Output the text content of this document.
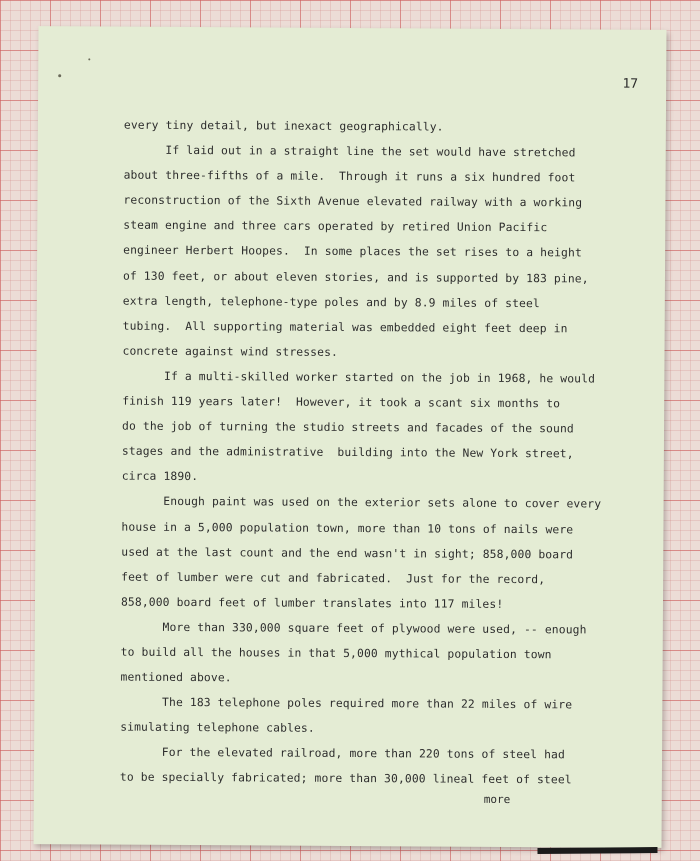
17
every tiny detail, but inexact geographically.
If laid out in a straight line the set would have stretched
about three-fifths of a mile.  Through it runs a six hundred foot
reconstruction of the Sixth Avenue elevated railway with a working
steam engine and three cars operated by retired Union Pacific
engineer Herbert Hoopes.  In some places the set rises to a height
of 130 feet, or about eleven stories, and is supported by 183 pine,
extra length, telephone-type poles and by 8.9 miles of steel
tubing.  All supporting material was embedded eight feet deep in
concrete against wind stresses.
If a multi-skilled worker started on the job in 1968, he would
finish 119 years later!  However, it took a scant six months to
do the job of turning the studio streets and facades of the sound
stages and the administrative  building into the New York street,
circa 1890.
Enough paint was used on the exterior sets alone to cover every
house in a 5,000 population town, more than 10 tons of nails were
used at the last count and the end wasn't in sight; 858,000 board
feet of lumber were cut and fabricated.  Just for the record,
858,000 board feet of lumber translates into 117 miles!
More than 330,000 square feet of plywood were used, -- enough
to build all the houses in that 5,000 mythical population town
mentioned above.
The 183 telephone poles required more than 22 miles of wire
simulating telephone cables.
For the elevated railroad, more than 220 tons of steel had
to be specially fabricated; more than 30,000 lineal feet of steel
more
